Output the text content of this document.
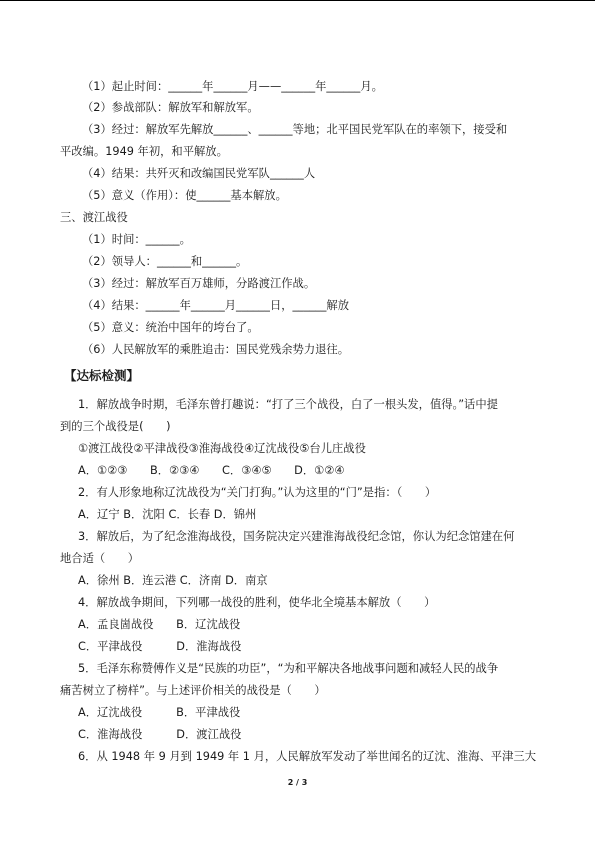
（1）起止时间：______年______月——______年______月。
（2）参战部队：解放军和解放军。
（3）经过：解放军先解放______、______等地；北平国民党军队在的率领下，接受和
平改编。1949 年初，和平解放。
（4）结果：共歼灭和改编国民党军队______人
（5）意义（作用）：使______基本解放。
三、渡江战役
（1）时间：______。
（2）领导人：______和______。
（3）经过：解放军百万雄师，分路渡江作战。
（4）结果：______年______月______日，______解放
（5）意义：统治中国年的垮台了。
（6）人民解放军的乘胜追击：国民党残余势力退往。
【达标检测】
1．解放战争时期，毛泽东曾打趣说：“打了三个战役，白了一根头发，值得。”话中提
到的三个战役是(　　)
①渡江战役②平津战役③淮海战役④辽沈战役⑤台儿庄战役
A．①②③　　B．②③④　　C．③④⑤　　D．①②④
2．有人形象地称辽沈战役为“关门打狗。”认为这里的“门”是指：（　　）
A．辽宁 B．沈阳 C．长春 D．锦州
3．解放后，为了纪念淮海战役，国务院决定兴建淮海战役纪念馆，你认为纪念馆建在何
地合适（　　）
A．徐州 B．连云港 C．济南 D．南京
4．解放战争期间，下列哪一战役的胜利，使华北全境基本解放（　　）
A．孟良崮战役　　B．辽沈战役
C．平津战役　　　D．淮海战役
5．毛泽东称赞傅作义是“民族的功臣”，“为和平解决各地战事问题和减轻人民的战争
痛苦树立了榜样”。与上述评价相关的战役是（　　）
A．辽沈战役　　　B．平津战役
C．淮海战役　　　D．渡江战役
6．从 1948 年 9 月到 1949 年 1 月，人民解放军发动了举世闻名的辽沈、淮海、平津三大
2 / 3
